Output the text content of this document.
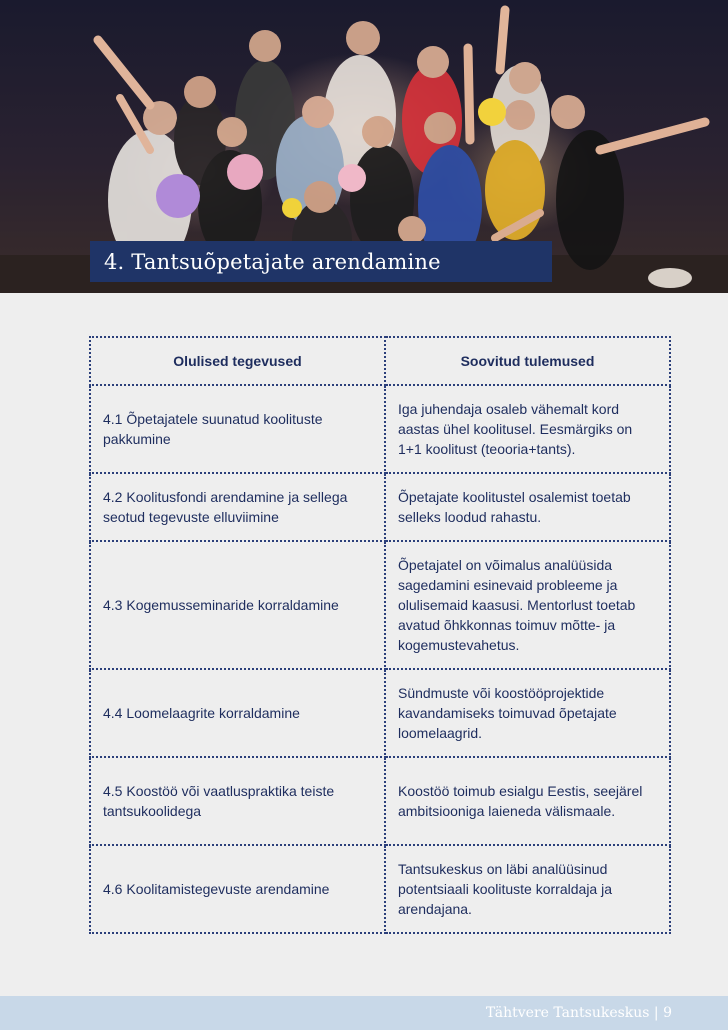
4. Tantsuõpetajate arendamine
Olulised tegevused	Soovitud tulemused
4.1 Õpetajatele suunatud koolituste pakkumine	Iga juhendaja osaleb vähemalt kord aastas ühel koolitusel. Eesmärgiks on 1+1 koolitust (teooria+tants).
4.2 Koolitusfondi arendamine ja sellega seotud tegevuste elluviimine	Õpetajate koolitustel osalemist toetab selleks loodud rahastu.
4.3 Kogemusseminaride korraldamine	Õpetajatel on võimalus analüüsida sagedamini esinevaid probleeme ja olulisemaid kaasusi. Mentorlust toetab avatud õhkkonnas toimuv mõtte- ja kogemustevahetus.
4.4 Loomelaagrite korraldamine	Sündmuste või koostööprojektide kavandamiseks toimuvad õpetajate loomelaagrid.
4.5 Koostöö või vaatluspraktika teiste tantsukoolidega	Koostöö toimub esialgu Eestis, seejärel ambitsiooniga laieneda välismaale.
4.6 Koolitamistegevuste arendamine	Tantsukeskus on läbi analüüsinud potentsiaali koolituste korraldaja ja arendajana.
Tähtvere Tantsukeskus | 9
